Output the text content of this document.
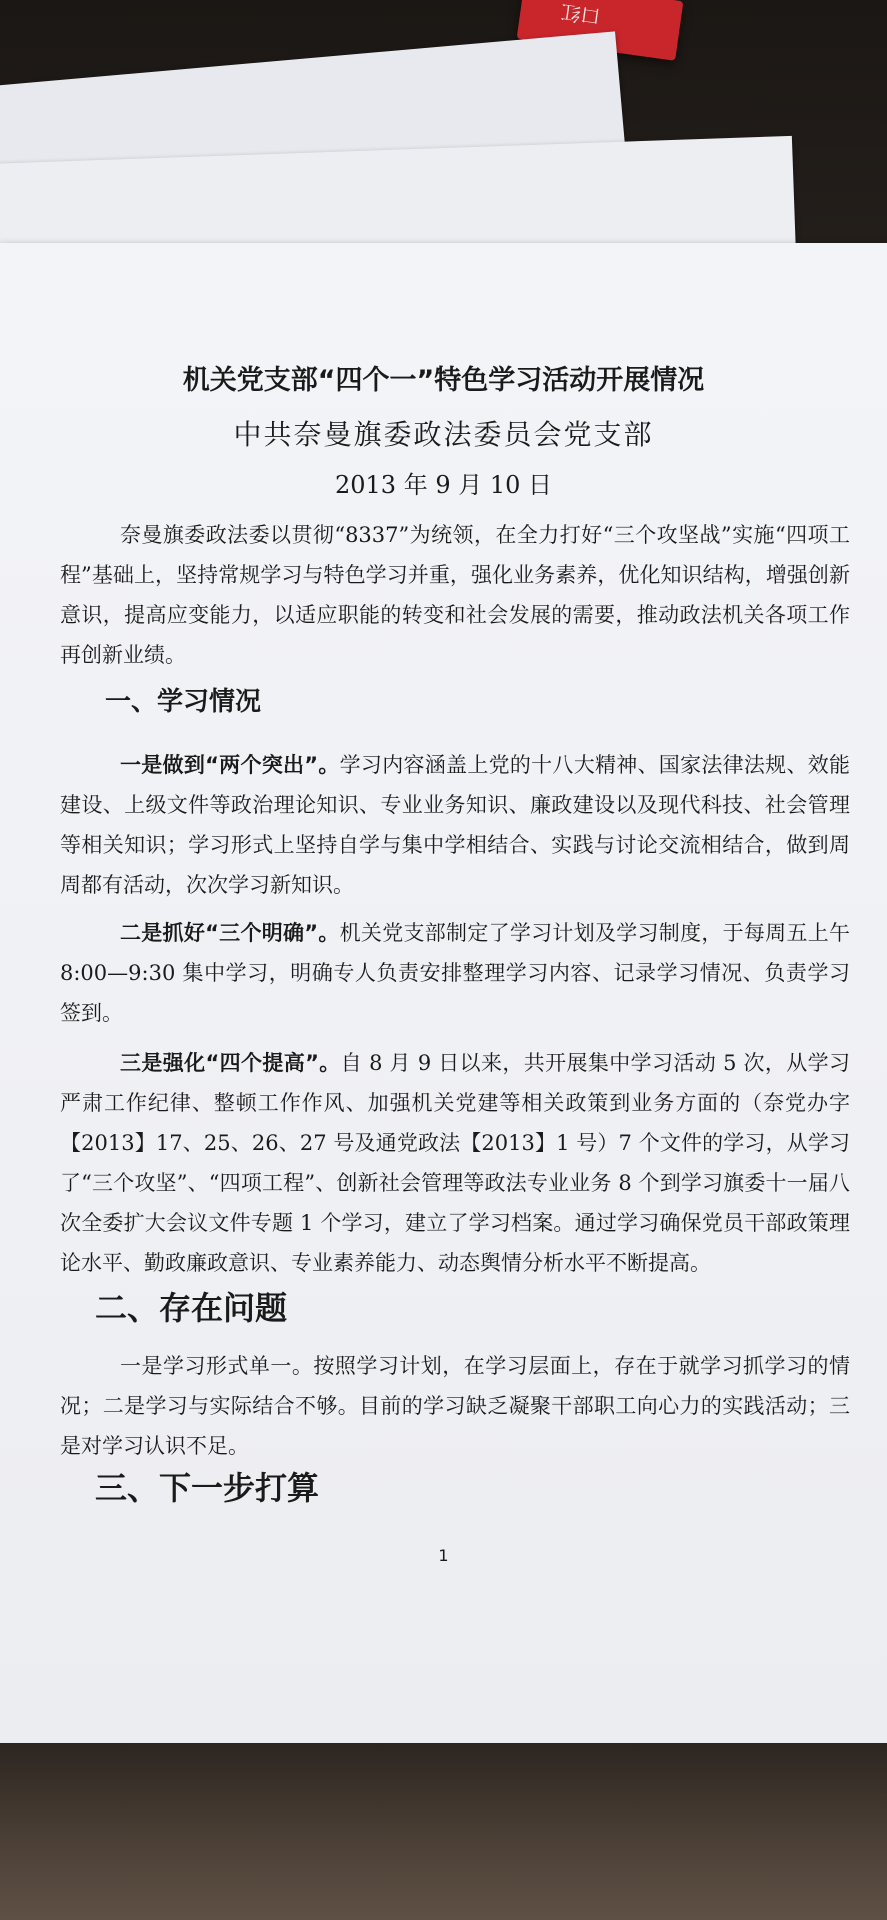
口红
机关党支部“四个一”特色学习活动开展情况
中共奈曼旗委政法委员会党支部
2013 年 9 月 10 日
奈曼旗委政法委以贯彻“8337”为统领，在全力打好“三个攻坚战”实施“四项工程”基础上，坚持常规学习与特色学习并重，强化业务素养，优化知识结构，增强创新意识，提高应变能力，以适应职能的转变和社会发展的需要，推动政法机关各项工作再创新业绩。
一、学习情况
一是做到“两个突出”。学习内容涵盖上党的十八大精神、国家法律法规、效能建设、上级文件等政治理论知识、专业业务知识、廉政建设以及现代科技、社会管理等相关知识；学习形式上坚持自学与集中学相结合、实践与讨论交流相结合，做到周周都有活动，次次学习新知识。
二是抓好“三个明确”。机关党支部制定了学习计划及学习制度，于每周五上午 8:00—9:30 集中学习，明确专人负责安排整理学习内容、记录学习情况、负责学习签到。
三是强化“四个提高”。自 8 月 9 日以来，共开展集中学习活动 5 次，从学习严肃工作纪律、整顿工作作风、加强机关党建等相关政策到业务方面的（奈党办字【2013】17、25、26、27 号及通党政法【2013】1 号）7 个文件的学习，从学习了“三个攻坚”、“四项工程”、创新社会管理等政法专业业务 8 个到学习旗委十一届八次全委扩大会议文件专题 1 个学习，建立了学习档案。通过学习确保党员干部政策理论水平、勤政廉政意识、专业素养能力、动态舆情分析水平不断提高。
二、存在问题
一是学习形式单一。按照学习计划，在学习层面上，存在于就学习抓学习的情况；二是学习与实际结合不够。目前的学习缺乏凝聚干部职工向心力的实践活动；三是对学习认识不足。
三、下一步打算
1
